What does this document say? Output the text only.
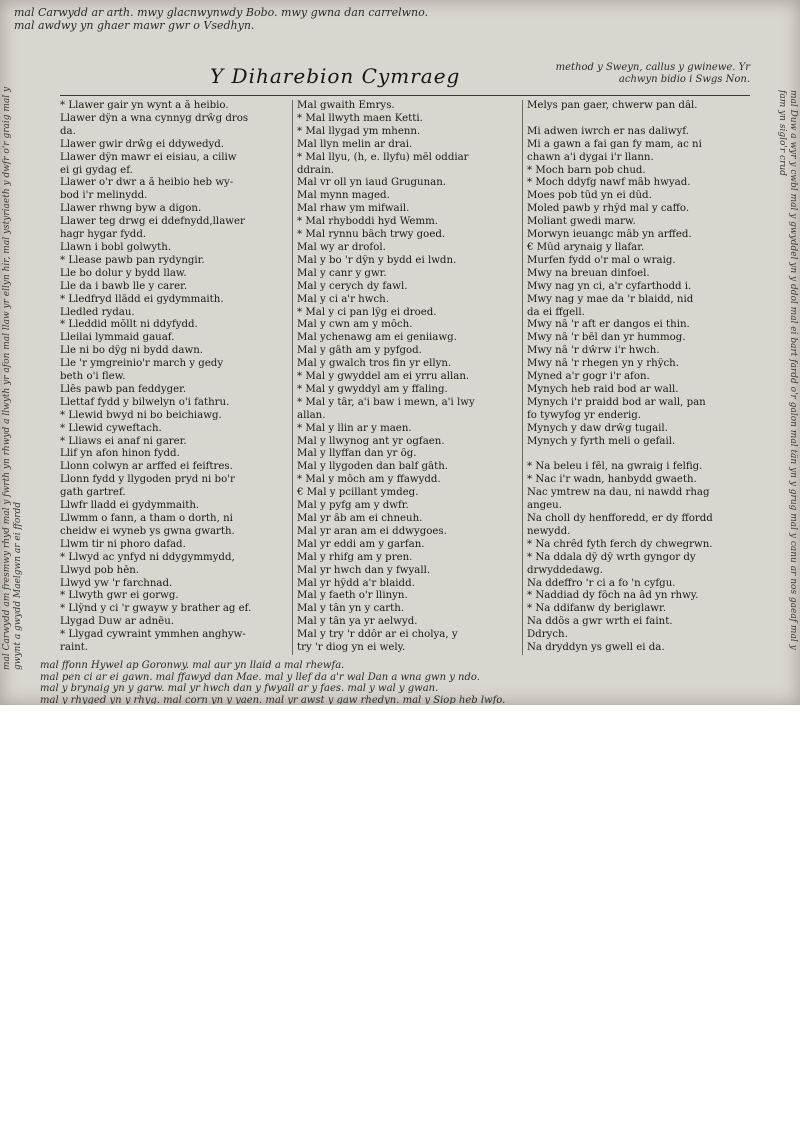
mal Carwydd ar arth. mwy glacnwynwdy Bobo. mwy gwna dan carrelwno.
mal awdwy yn ghaer mawr gwr o Vsedhyn.
mal Carwydd am fresmwy rhyd mal y fwrth yn rhwyd a llwyth yr afon mal llaw yr ellyn hir, mal ystyriaeth y dwfr o'r graig mal y gwynt a gwydd Maelgwn ar ei ffordd	mal Duw a wyr y cwbl mal y gwyddel yn y ddol mal ei bart fardd o'r galon mal tân yn y grug mal y canu ar nos gaeaf mal y fam yn siglo'r crud
Y Diharebion Cymraeg	method y Sweyn, callus y gwinewe. Yr achwyn bidio i Swgs Non.
* Llawer gair yn wynt a ă heibio.
Llawer dŷn a wna cynnyg drŵg dros
da.
Llawer gwir drŵg ei ddywedyd.
Llawer dŷn mawr ei eisiau, a ciliw
ei gi gydag ef.
Llawer o'r dwr a ă heibio heb wy-
bod i'r melinydd.
Llawer rhwng byw a digon.
Llawer teg drwg ei ddefnydd,llawer
hagr hygar fydd.
Llawn i bobl golwyth.
* Llease pawb pan rydyngir.
Lle bo dolur y bydd llaw.
Lle da i bawb lle y carer.
* Lledfryd llâdd ei gydymmaith.
Lledled rydau.
* Lleddid mŏllt ni ddyfydd.
Lleilai lymmaid gauaf.
Lle ni bo dŷg ni bydd dawn.
Lle 'r ymgreinio'r march y gedy
beth o'i flew.
Llês pawb pan feddyger.
Llettaf fydd y bilwelyn o'i fathru.
* Llewid bwyd ni bo beichiawg.
* Llewid cyweftach.
* Lliaws ei anaf ni garer.
Llif yn afon hinon fydd.
Llonn colwyn ar arffed ei feiftres.
Llonn fydd y llygoden pryd ni bo'r
gath gartref.
Llwfr lladd ei gydymmaith.
Llwmm o fann, a tham o dorth, ni
cheidw ei wyneb ys gwna gwarth.
Llwm tir ni phoro dafad.
* Llwyd ac ynfyd ni ddygymmydd,
Llwyd pob hěn.
Llwyd yw 'r farchnad.
* Llwyth gwr ei gorwg.
* Llŷnd y ci 'r gwayw y brather ag ef.
Llygad Duw ar adnēu.
* Llygad cywraint ymmhen anghyw-
raint.
Mal gwaith Emrys.
* Mal llwyth maen Ketti.
* Mal llygad ym mhenn.
Mal llyn melin ar drai.
* Mal llyu, (h, e. llyfu) mêl oddiar
ddrain.
Mal vr oll yn iaud Grugunan.
Mal mynn maged.
Mal rhaw ym mifwail.
* Mal rhyboddi hyd Wemm.
* Mal rynnu bâch trwy goed.
Mal wy ar drofol.
Mal y bo 'r dŷn y bydd ei lwdn.
Mal y canr y gwr.
Mal y cerych dy fawl.
Mal y ci a'r hwch.
* Mal y ci pan lŷg ei droed.
Mal y cwn am y môch.
Mal ychenawg am ei geniiawg.
Mal y gâth am y pyfgod.
Mal y gwalch tros fin yr ellyn.
* Mal y gwyddel am ei yrru allan.
* Mal y gwyddyl am y ffaling.
* Mal y târ, a'i baw i mewn, a'i lwy
allan.
* Mal y llin ar y maen.
Mal y llwynog ant yr ogfaen.
Mal y llyffan dan yr ôg.
Mal y llygoden dan balf gâth.
* Mal y môch am y ffawydd.
€ Mal y pcillant ymdeg.
Mal y pyfg am y dwfr.
Mal yr âb am ei chneuh.
Mal yr aran am ei ddwygoes.
Mal yr eddi am y garfan.
Mal y rhifg am y pren.
Mal yr hwch dan y fwyall.
Mal yr hŷdd a'r blaidd.
Mal y faeth o'r llinyn.
Mal y tân yn y carth.
Mal y tân ya yr aelwyd.
Mal y try 'r ddôr ar ei cholya, y
try 'r diog yn ei wely.
Melys pan gaer, chwerw pan dâl.

Mi adwen iwrch er nas daliwyf.
Mi a gawn a fai gan fy mam, ac ni
chawn a'i dygai i'r llann.
* Moch barn pob chud.
* Moch ddyfg nawf mâb hwyad.
Moes pob tûd yn ei dûd.
Moled pawb y rhŷd mal y caffo.
Moliant gwedi marw.
Morwyn ieuangc mâb yn arffed.
€ Mûd arynaig y llafar.
Murfen fydd o'r mal o wraig.
Mwy na breuan dinfoel.
Mwy nag yn ci, a'r cyfarthodd i.
Mwy nag y mae da 'r blaidd, nid
da ei ffgell.
Mwy nâ 'r aft er dangos ei thin.
Mwy nâ 'r bêl dan yr hummog.
Mwy nâ 'r dŵrw i'r hwch.
Mwy nâ 'r rhegen yn y rhŷch.
Myned a'r gogr i'r afon.
Mynych heb raid bod ar wall.
Mynych i'r praidd bod ar wall, pan
fo tywyfog yr enderig.
Mynych y daw drŵg tugail.
Mynych y fyrth meli o gefail.

* Na beleu i fêl, na gwraig i felfig.
* Nac i'r wadn, hanbydd gwaeth.
Nac ymtrew na dau, ni nawdd rhag
angeu.
Na choll dy henfforedd, er dy ffordd
newydd.
* Na chrêd fyth ferch dy chwegrwn.
* Na ddala dŷ dŷ wrth gyngor dy
drwyddedawg.
Na ddeffro 'r ci a fo 'n cyfgu.
* Naddiad dy fôch na âd yn rhwy.
* Na ddifanw dy beriglawr.
Na ddôs a gwr wrth ei faint.
Ddrych.
Na dryddyn ys gwell ei da.
mal ffonn Hywel ap Goronwy. mal aur yn llaid a mal rhewfa.
mal pen ci ar ei gawn. mal ffawyd dan Mae. mal y llef da a'r wal Dan a wna gwn y ndo.
mal y brynaig yn y garw. mal yr hwch dan y fwyall ar y faes. mal y wal y gwan.
mal y rhyged yn y rhyg. mal corn yn y yaen. mal yr awst y gaw rhedyn. mal y Siop heb lwfo.
